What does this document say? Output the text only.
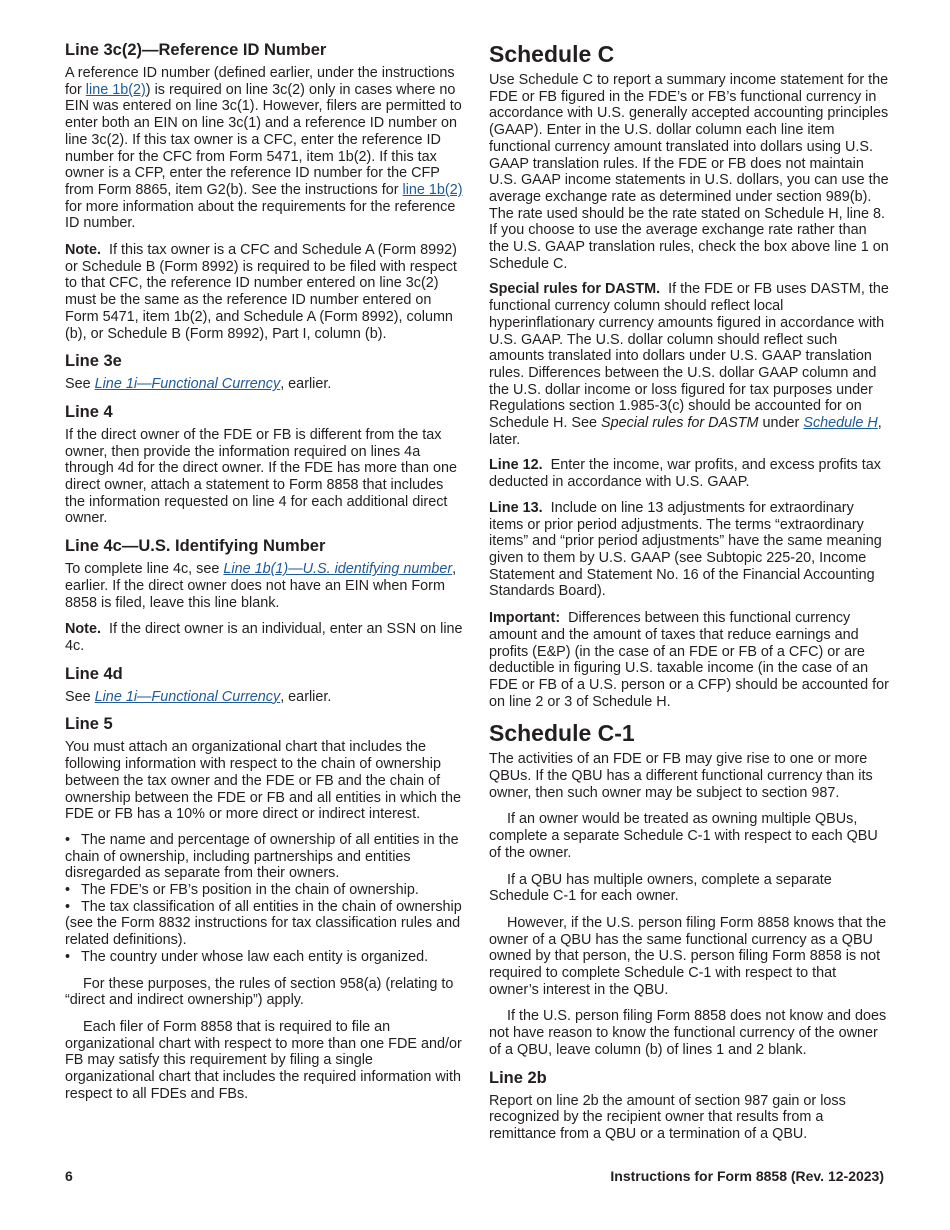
Line 3c(2)—Reference ID Number

A reference ID number (defined earlier, under the instructions for line 1b(2)) is required on line 3c(2) only in cases where no EIN was entered on line 3c(1). However, filers are permitted to enter both an EIN on line 3c(1) and a reference ID number on line 3c(2). If this tax owner is a CFC, enter the reference ID number for the CFC from Form 5471, item 1b(2). If this tax owner is a CFP, enter the reference ID number for the CFP from Form 8865, item G2(b). See the instructions for line 1b(2) for more information about the requirements for the reference ID number.

Note. If this tax owner is a CFC and Schedule A (Form 8992) or Schedule B (Form 8992) is required to be filed with respect to that CFC, the reference ID number entered on line 3c(2) must be the same as the reference ID number entered on Form 5471, item 1b(2), and Schedule A (Form 8992), column (b), or Schedule B (Form 8992), Part I, column (b).

Line 3e

See Line 1i—Functional Currency, earlier.

Line 4

If the direct owner of the FDE or FB is different from the tax owner, then provide the information required on lines 4a through 4d for the direct owner. If the FDE has more than one direct owner, attach a statement to Form 8858 that includes the information requested on line 4 for each additional direct owner.

Line 4c—U.S. Identifying Number

To complete line 4c, see Line 1b(1)—U.S. identifying number, earlier. If the direct owner does not have an EIN when Form 8858 is filed, leave this line blank.

Note. If the direct owner is an individual, enter an SSN on line 4c.

Line 4d

See Line 1i—Functional Currency, earlier.

Line 5

You must attach an organizational chart that includes the following information with respect to the chain of ownership between the tax owner and the FDE or FB and the chain of ownership between the FDE or FB and all entities in which the FDE or FB has a 10% or more direct or indirect interest.

• The name and percentage of ownership of all entities in the chain of ownership, including partnerships and entities disregarded as separate from their owners.
• The FDE’s or FB’s position in the chain of ownership.
• The tax classification of all entities in the chain of ownership (see the Form 8832 instructions for tax classification rules and related definitions).
• The country under whose law each entity is organized.

For these purposes, the rules of section 958(a) (relating to “direct and indirect ownership”) apply.

Each filer of Form 8858 that is required to file an organizational chart with respect to more than one FDE and/or FB may satisfy this requirement by filing a single organizational chart that includes the required information with respect to all FDEs and FBs.

Schedule C

Use Schedule C to report a summary income statement for the FDE or FB figured in the FDE’s or FB’s functional currency in accordance with U.S. generally accepted accounting principles (GAAP). Enter in the U.S. dollar column each line item functional currency amount translated into dollars using U.S. GAAP translation rules. If the FDE or FB does not maintain U.S. GAAP income statements in U.S. dollars, you can use the average exchange rate as determined under section 989(b). The rate used should be the rate stated on Schedule H, line 8. If you choose to use the average exchange rate rather than the U.S. GAAP translation rules, check the box above line 1 on Schedule C.

Special rules for DASTM. If the FDE or FB uses DASTM, the functional currency column should reflect local hyperinflationary currency amounts figured in accordance with U.S. GAAP. The U.S. dollar column should reflect such amounts translated into dollars under U.S. GAAP translation rules. Differences between the U.S. dollar GAAP column and the U.S. dollar income or loss figured for tax purposes under Regulations section 1.985-3(c) should be accounted for on Schedule H. See Special rules for DASTM under Schedule H, later.

Line 12. Enter the income, war profits, and excess profits tax deducted in accordance with U.S. GAAP.

Line 13. Include on line 13 adjustments for extraordinary items or prior period adjustments. The terms “extraordinary items” and “prior period adjustments” have the same meaning given to them by U.S. GAAP (see Subtopic 225-20, Income Statement and Statement No. 16 of the Financial Accounting Standards Board).

Important: Differences between this functional currency amount and the amount of taxes that reduce earnings and profits (E&P) (in the case of an FDE or FB of a CFC) or are deductible in figuring U.S. taxable income (in the case of an FDE or FB of a U.S. person or a CFP) should be accounted for on line 2 or 3 of Schedule H.

Schedule C-1

The activities of an FDE or FB may give rise to one or more QBUs. If the QBU has a different functional currency than its owner, then such owner may be subject to section 987.

If an owner would be treated as owning multiple QBUs, complete a separate Schedule C-1 with respect to each QBU of the owner.

If a QBU has multiple owners, complete a separate Schedule C-1 for each owner.

However, if the U.S. person filing Form 8858 knows that the owner of a QBU has the same functional currency as a QBU owned by that person, the U.S. person filing Form 8858 is not required to complete Schedule C-1 with respect to that owner’s interest in the QBU.

If the U.S. person filing Form 8858 does not know and does not have reason to know the functional currency of the owner of a QBU, leave column (b) of lines 1 and 2 blank.

Line 2b

Report on line 2b the amount of section 987 gain or loss recognized by the recipient owner that results from a remittance from a QBU or a termination of a QBU.

6	Instructions for Form 8858 (Rev. 12-2023)
